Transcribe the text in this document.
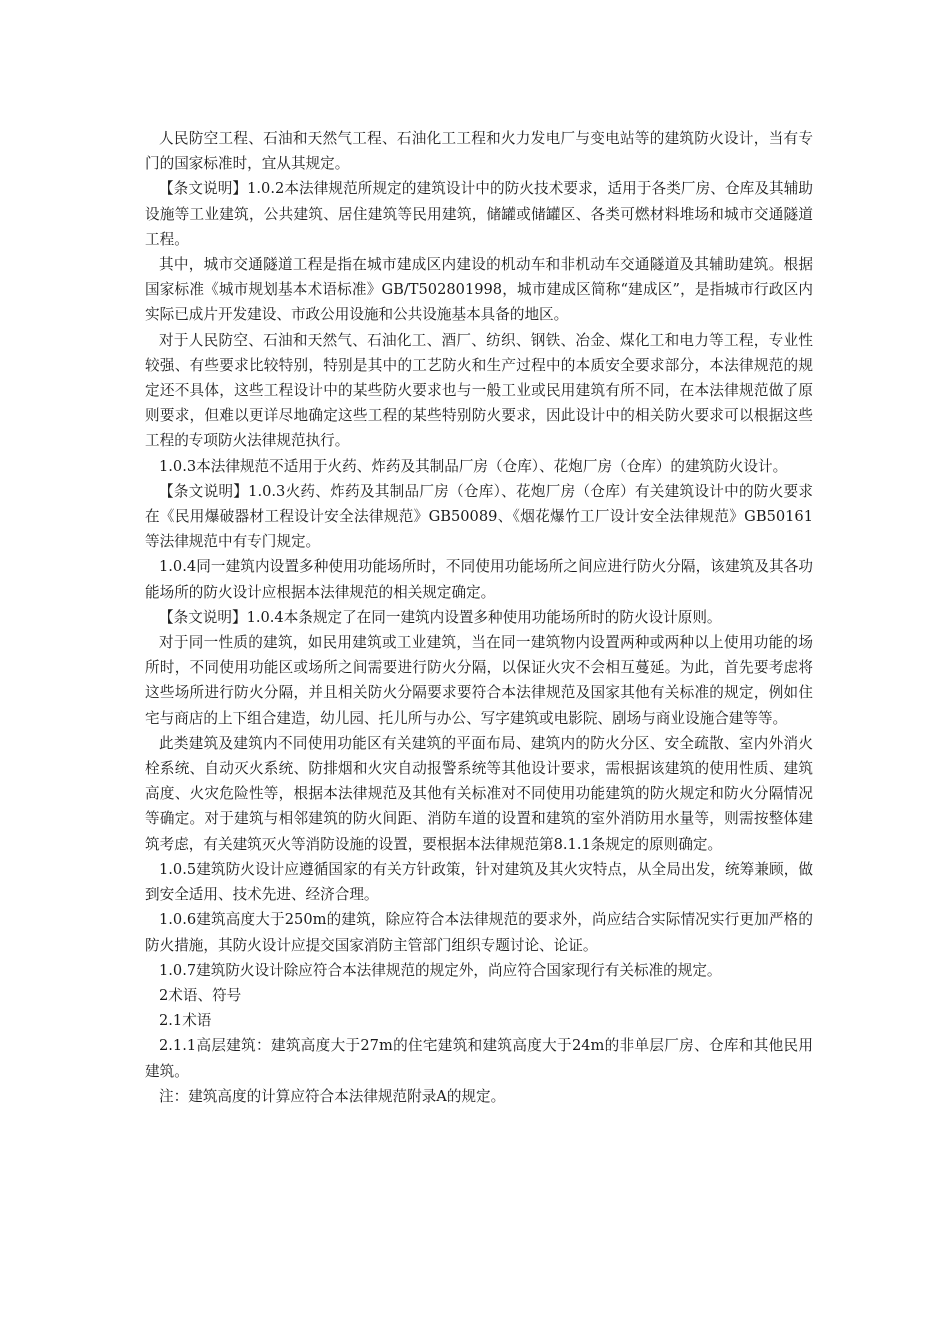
人民防空工程、石油和天然气工程、石油化工工程和火力发电厂与变电站等的建筑防火设计，当有专门的国家标准时，宜从其规定。

【条文说明】1.0.2本法律规范所规定的建筑设计中的防火技术要求，适用于各类厂房、仓库及其辅助设施等工业建筑，公共建筑、居住建筑等民用建筑，储罐或储罐区、各类可燃材料堆场和城市交通隧道工程。

其中，城市交通隧道工程是指在城市建成区内建设的机动车和非机动车交通隧道及其辅助建筑。根据国家标准《城市规划基本术语标准》GB/T502801998，城市建成区简称“建成区”，是指城市行政区内实际已成片开发建设、市政公用设施和公共设施基本具备的地区。

对于人民防空、石油和天然气、石油化工、酒厂、纺织、钢铁、冶金、煤化工和电力等工程，专业性较强、有些要求比较特别，特别是其中的工艺防火和生产过程中的本质安全要求部分，本法律规范的规定还不具体，这些工程设计中的某些防火要求也与一般工业或民用建筑有所不同，在本法律规范做了原则要求，但难以更详尽地确定这些工程的某些特别防火要求，因此设计中的相关防火要求可以根据这些工程的专项防火法律规范执行。

1.0.3本法律规范不适用于火药、炸药及其制品厂房（仓库）、花炮厂房（仓库）的建筑防火设计。

【条文说明】1.0.3火药、炸药及其制品厂房（仓库）、花炮厂房（仓库）有关建筑设计中的防火要求在《民用爆破器材工程设计安全法律规范》GB50089、《烟花爆竹工厂设计安全法律规范》GB50161等法律规范中有专门规定。

1.0.4同一建筑内设置多种使用功能场所时，不同使用功能场所之间应进行防火分隔，该建筑及其各功能场所的防火设计应根据本法律规范的相关规定确定。

【条文说明】1.0.4本条规定了在同一建筑内设置多种使用功能场所时的防火设计原则。

对于同一性质的建筑，如民用建筑或工业建筑，当在同一建筑物内设置两种或两种以上使用功能的场所时，不同使用功能区或场所之间需要进行防火分隔，以保证火灾不会相互蔓延。为此，首先要考虑将这些场所进行防火分隔，并且相关防火分隔要求要符合本法律规范及国家其他有关标准的规定，例如住宅与商店的上下组合建造，幼儿园、托儿所与办公、写字建筑或电影院、剧场与商业设施合建等等。

此类建筑及建筑内不同使用功能区有关建筑的平面布局、建筑内的防火分区、安全疏散、室内外消火栓系统、自动灭火系统、防排烟和火灾自动报警系统等其他设计要求，需根据该建筑的使用性质、建筑高度、火灾危险性等，根据本法律规范及其他有关标准对不同使用功能建筑的防火规定和防火分隔情况等确定。对于建筑与相邻建筑的防火间距、消防车道的设置和建筑的室外消防用水量等，则需按整体建筑考虑，有关建筑灭火等消防设施的设置，要根据本法律规范第8.1.1条规定的原则确定。

1.0.5建筑防火设计应遵循国家的有关方针政策，针对建筑及其火灾特点，从全局出发，统筹兼顾，做到安全适用、技术先进、经济合理。

1.0.6建筑高度大于250m的建筑，除应符合本法律规范的要求外，尚应结合实际情况实行更加严格的防火措施，其防火设计应提交国家消防主管部门组织专题讨论、论证。

1.0.7建筑防火设计除应符合本法律规范的规定外，尚应符合国家现行有关标准的规定。

2术语、符号

2.1术语

2.1.1高层建筑：建筑高度大于27m的住宅建筑和建筑高度大于24m的非单层厂房、仓库和其他民用建筑。

注：建筑高度的计算应符合本法律规范附录A的规定。
